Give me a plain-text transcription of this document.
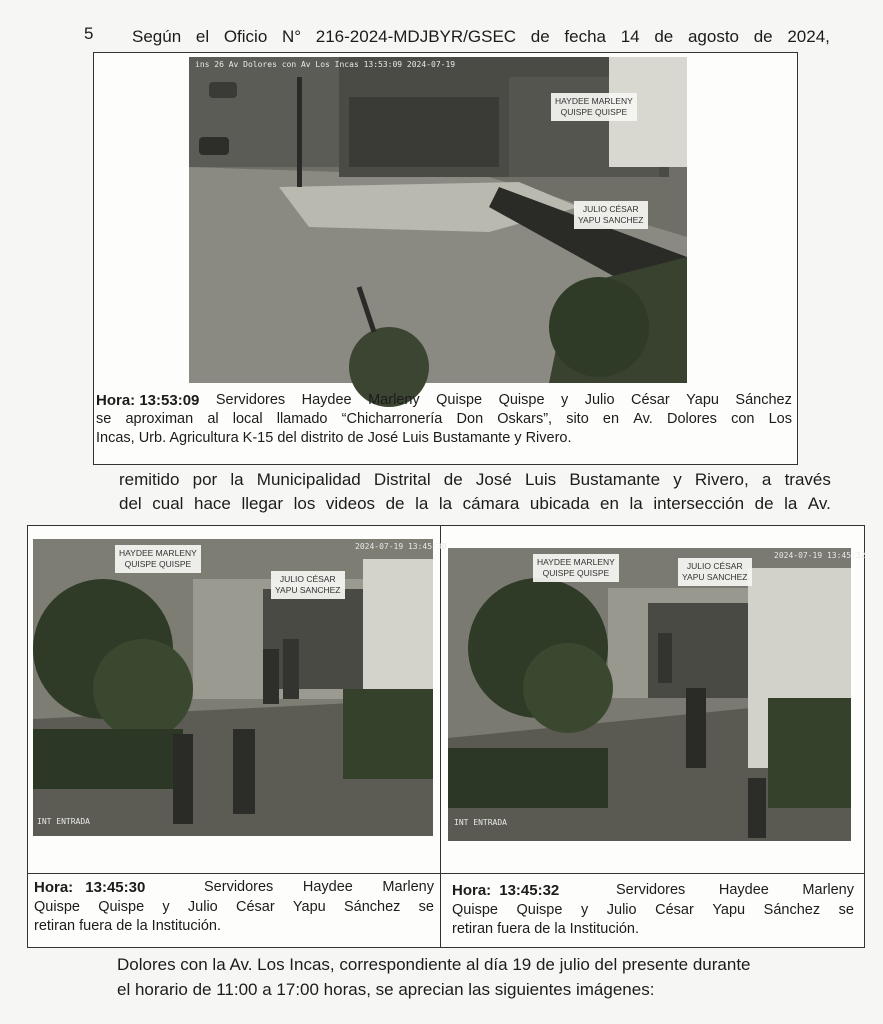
5 Según el Oficio N° 216-2024-MDJBYR/GSEC de fecha 14 de agosto de 2024,
ins 26 Av Dolores con Av Los Incas 13:53:09 2024-07-19
HAYDEE MARLENY
QUISPE QUISPE
JULIO CÉSAR
YAPU SANCHEZ
Hora: 13:53:09 Servidores Haydee Marleny Quispe Quispe y Julio César Yapu Sánchez
se aproximan al local llamado “Chicharronería Don Oskars”, sito en Av. Dolores con Los
Incas, Urb. Agricultura K-15 del distrito de José Luis Bustamante y Rivero.
remitido por la Municipalidad Distrital de José Luis Bustamante y Rivero, a través
del cual hace llegar los videos de la la cámara ubicada en la intersección de la Av.
2024-07-19 13:45:30
INT ENTRADA
HAYDEE MARLENY
QUISPE QUISPE
JULIO CÉSAR
YAPU SANCHEZ
2024-07-19 13:45:32
INT ENTRADA
HAYDEE MARLENY
QUISPE QUISPE
JULIO CÉSAR
YAPU SANCHEZ
Hora: 13:45:30	Servidores Haydee Marleny
Quispe Quispe y Julio César Yapu Sánchez se
retiran fuera de la Institución.
Hora: 13:45:32	Servidores Haydee Marleny
Quispe Quispe y Julio César Yapu Sánchez se
retiran fuera de la Institución.
Dolores con la Av. Los Incas, correspondiente al día 19 de julio del presente durante
el horario de 11:00 a 17:00 horas, se aprecian las siguientes imágenes:
